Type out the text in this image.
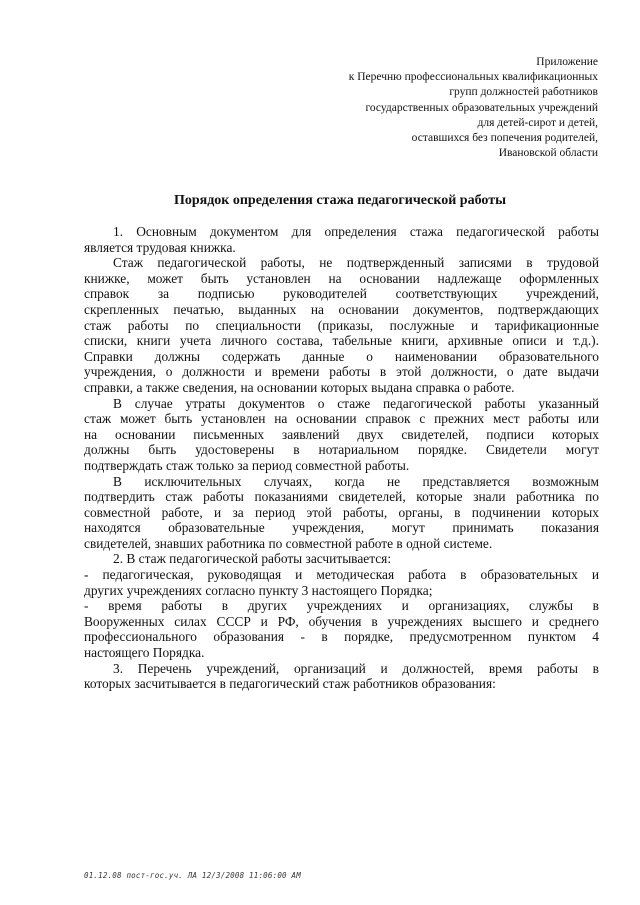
Приложение
к Перечню профессиональных квалификационных
групп должностей работников
государственных образовательных учреждений
для детей-сирот и детей,
оставшихся без попечения родителей,
Ивановской области
Порядок определения стажа педагогической работы
1. Основным документом для определения стажа педагогической работы
является трудовая книжка.
Стаж педагогической работы, не подтвержденный записями в трудовой
книжке, может быть установлен на основании надлежаще оформленных
справок за подписью руководителей соответствующих учреждений,
скрепленных печатью, выданных на основании документов, подтверждающих
стаж работы по специальности (приказы, послужные и тарификационные
списки, книги учета личного состава, табельные книги, архивные описи и т.д.).
Справки должны содержать данные о наименовании образовательного
учреждения, о должности и времени работы в этой должности, о дате выдачи
справки, а также сведения, на основании которых выдана справка о работе.
В случае утраты документов о стаже педагогической работы указанный
стаж может быть установлен на основании справок с прежних мест работы или
на основании письменных заявлений двух свидетелей, подписи которых
должны быть удостоверены в нотариальном порядке. Свидетели могут
подтверждать стаж только за период совместной работы.
В исключительных случаях, когда не представляется возможным
подтвердить стаж работы показаниями свидетелей, которые знали работника по
совместной работе, и за период этой работы, органы, в подчинении которых
находятся образовательные учреждения, могут принимать показания
свидетелей, знавших работника по совместной работе в одной системе.
2. В стаж педагогической работы засчитывается:
- педагогическая, руководящая и методическая работа в образовательных и
других учреждениях согласно пункту 3 настоящего Порядка;
- время работы в других учреждениях и организациях, службы в
Вооруженных силах СССР и РФ, обучения в учреждениях высшего и среднего
профессионального образования - в порядке, предусмотренном пунктом 4
настоящего Порядка.
3. Перечень учреждений, организаций и должностей, время работы в
которых засчитывается в педагогический стаж работников образования:
01.12.08 пост-гос.уч. ЛА 12/3/2008 11:06:00 AM
